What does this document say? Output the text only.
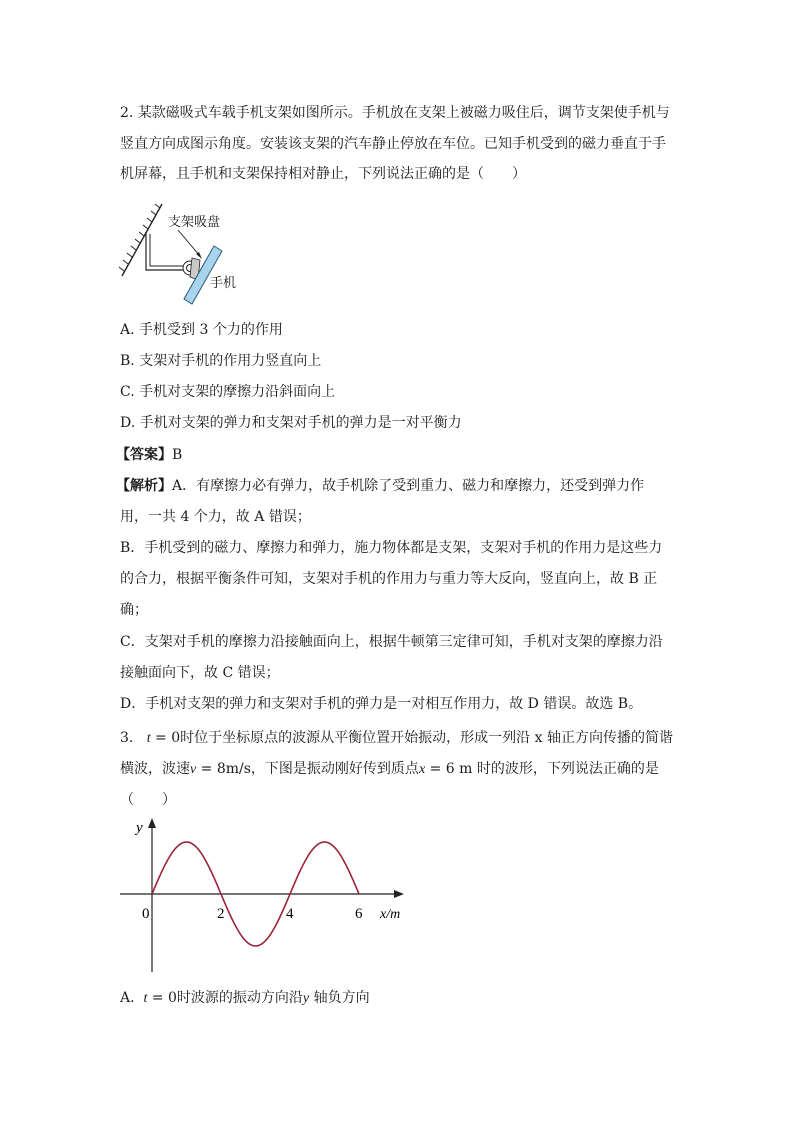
2. 某款磁吸式车载手机支架如图所示。手机放在支架上被磁力吸住后，调节支架使手机与
竖直方向成图示角度。安装该支架的汽车静止停放在车位。已知手机受到的磁力垂直于手
机屏幕，且手机和支架保持相对静止，下列说法正确的是（　　）
支架吸盘
手机
A. 手机受到 3 个力的作用
B. 支架对手机的作用力竖直向上
C. 手机对支架的摩擦力沿斜面向上
D. 手机对支架的弹力和支架对手机的弹力是一对平衡力
【答案】B
【解析】A．有摩擦力必有弹力，故手机除了受到重力、磁力和摩擦力，还受到弹力作
用，一共 4 个力，故 A 错误；
B．手机受到的磁力、摩擦力和弹力，施力物体都是支架，支架对手机的作用力是这些力
的合力，根据平衡条件可知，支架对手机的作用力与重力等大反向，竖直向上，故 B 正
确；
C．支架对手机的摩擦力沿接触面向上，根据牛顿第三定律可知，手机对支架的摩擦力沿
接触面向下，故 C 错误；
D．手机对支架的弹力和支架对手机的弹力是一对相互作用力，故 D 错误。故选 B。
3. t = 0时位于坐标原点的波源从平衡位置开始振动，形成一列沿 x 轴正方向传播的简谐
横波，波速v = 8m/s，下图是振动刚好传到质点x = 6 m 时的波形，下列说法正确的是
（　　）
y
x/m
0	2	4	6
A. t = 0时波源的振动方向沿y 轴负方向
